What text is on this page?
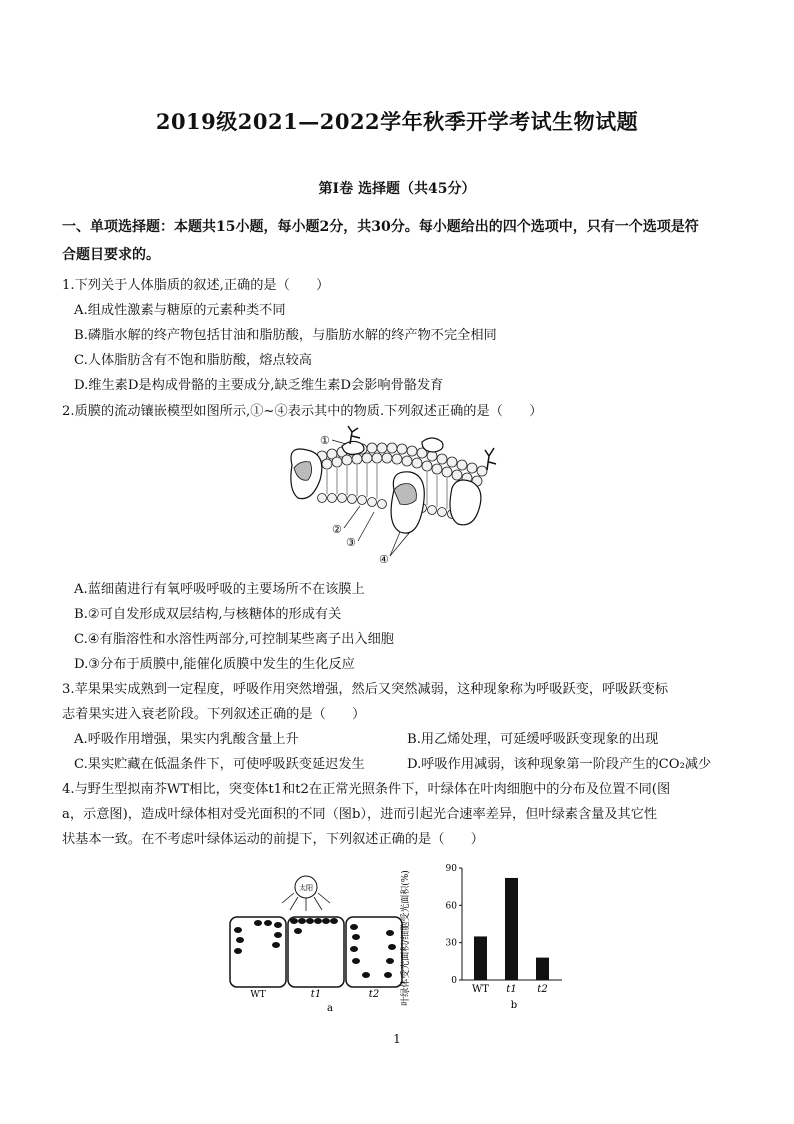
2019级2021—2022学年秋季开学考试生物试题
第Ⅰ卷 选择题（共45分）
一、单项选择题：本题共15小题，每小题2分，共30分。每小题给出的四个选项中，只有一个选项是符
合题目要求的。
1.下列关于人体脂质的叙述,正确的是（　　）
A.组成性激素与糖原的元素种类不同
B.磷脂水解的终产物包括甘油和脂肪酸，与脂肪水解的终产物不完全相同
C.人体脂肪含有不饱和脂肪酸，熔点较高
D.维生素D是构成骨骼的主要成分,缺乏维生素D会影响骨骼发育
2.质膜的流动镶嵌模型如图所示,①~④表示其中的物质.下列叙述正确的是（　　）
①
②
③
④
A.蓝细菌进行有氧呼吸呼吸的主要场所不在该膜上
B.②可自发形成双层结构,与核糖体的形成有关
C.④有脂溶性和水溶性两部分,可控制某些离子出入细胞
D.③分布于质膜中,能催化质膜中发生的生化反应
3.苹果果实成熟到一定程度，呼吸作用突然增强，然后又突然减弱，这种现象称为呼吸跃变，呼吸跃变标
志着果实进入衰老阶段。下列叙述正确的是（　　）
A.呼吸作用增强，果实内乳酸含量上升	B.用乙烯处理，可延缓呼吸跃变现象的出现
C.果实贮藏在低温条件下，可使呼吸跃变延迟发生	D.呼吸作用减弱，该种现象第一阶段产生的CO₂减少
4.与野生型拟南芥WT相比，突变体t1和t2在正常光照条件下，叶绿体在叶肉细胞中的分布及位置不同(图
a，示意图)，造成叶绿体相对受光面积的不同（图b），进而引起光合速率差异，但叶绿素含量及其它性
状基本一致。在不考虑叶绿体运动的前提下，下列叙述正确的是（　　）
太阳
WT	t1	t2
a
叶绿体受光面积/细胞受光面积(%)	0
30
60
90
WT t1 t2
b
1
